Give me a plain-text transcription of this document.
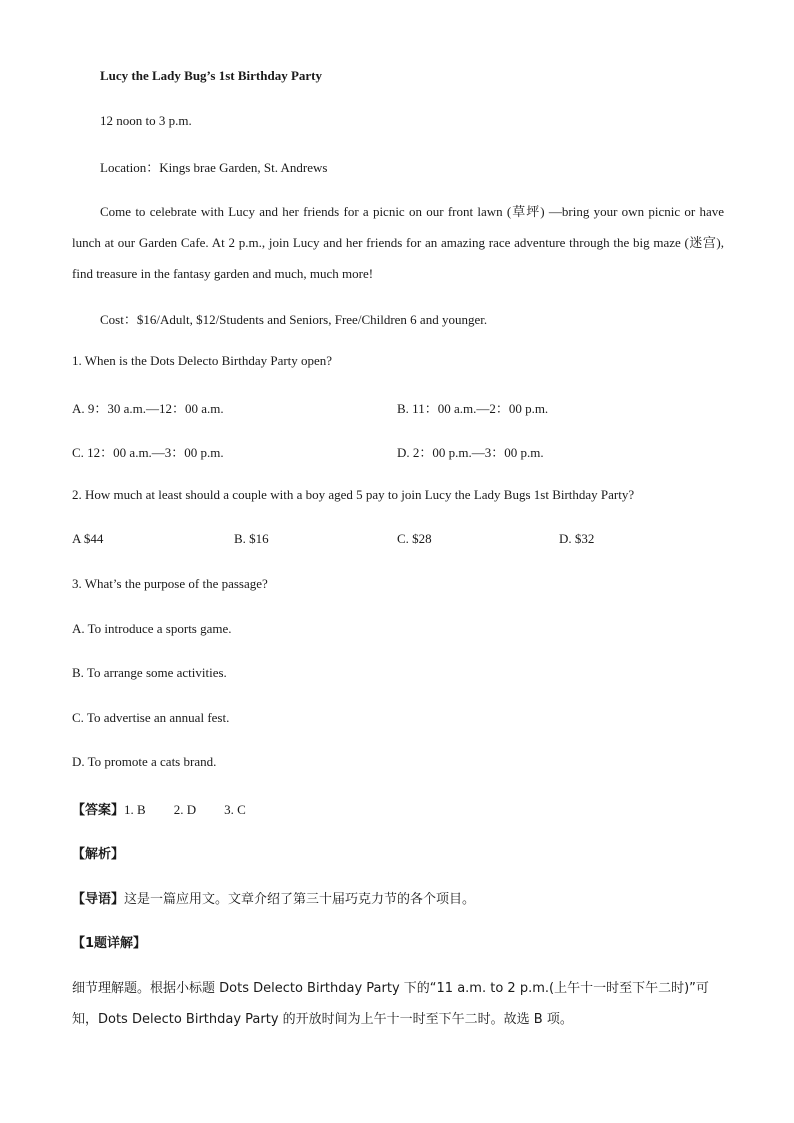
Lucy the Lady Bug’s 1st Birthday Party
12 noon to 3 p.m.
Location：Kings brae Garden, St. Andrews
Come to celebrate with Lucy and her friends for a picnic on our front lawn (草坪) —bring your own picnic or have lunch at our Garden Cafe. At 2 p.m., join Lucy and her friends for an amazing race adventure through the big maze (迷宫), find treasure in the fantasy garden and much, much more!
Cost：$16/Adult, $12/Students and Seniors, Free/Children 6 and younger.
1. When is the Dots Delecto Birthday Party open?
A. 9：30 a.m.—12：00 a.m.	B. 11：00 a.m.—2：00 p.m.
C. 12：00 a.m.—3：00 p.m.	D. 2：00 p.m.—3：00 p.m.
2. How much at least should a couple with a boy aged 5 pay to join Lucy the Lady Bugs 1st Birthday Party?
A $44	B. $16	C. $28	D. $32
3. What’s the purpose of the passage?
A. To introduce a sports game.
B. To arrange some activities.
C. To advertise an annual fest.
D. To promote a cats brand.
【答案】1. B 2. D 3. C
【解析】
【导语】这是一篇应用文。文章介绍了第三十届巧克力节的各个项目。
【1题详解】
细节理解题。根据小标题 Dots Delecto Birthday Party 下的“11 a.m. to 2 p.m.(上午十一时至下午二时)”可
知，Dots Delecto Birthday Party 的开放时间为上午十一时至下午二时。故选 B 项。
